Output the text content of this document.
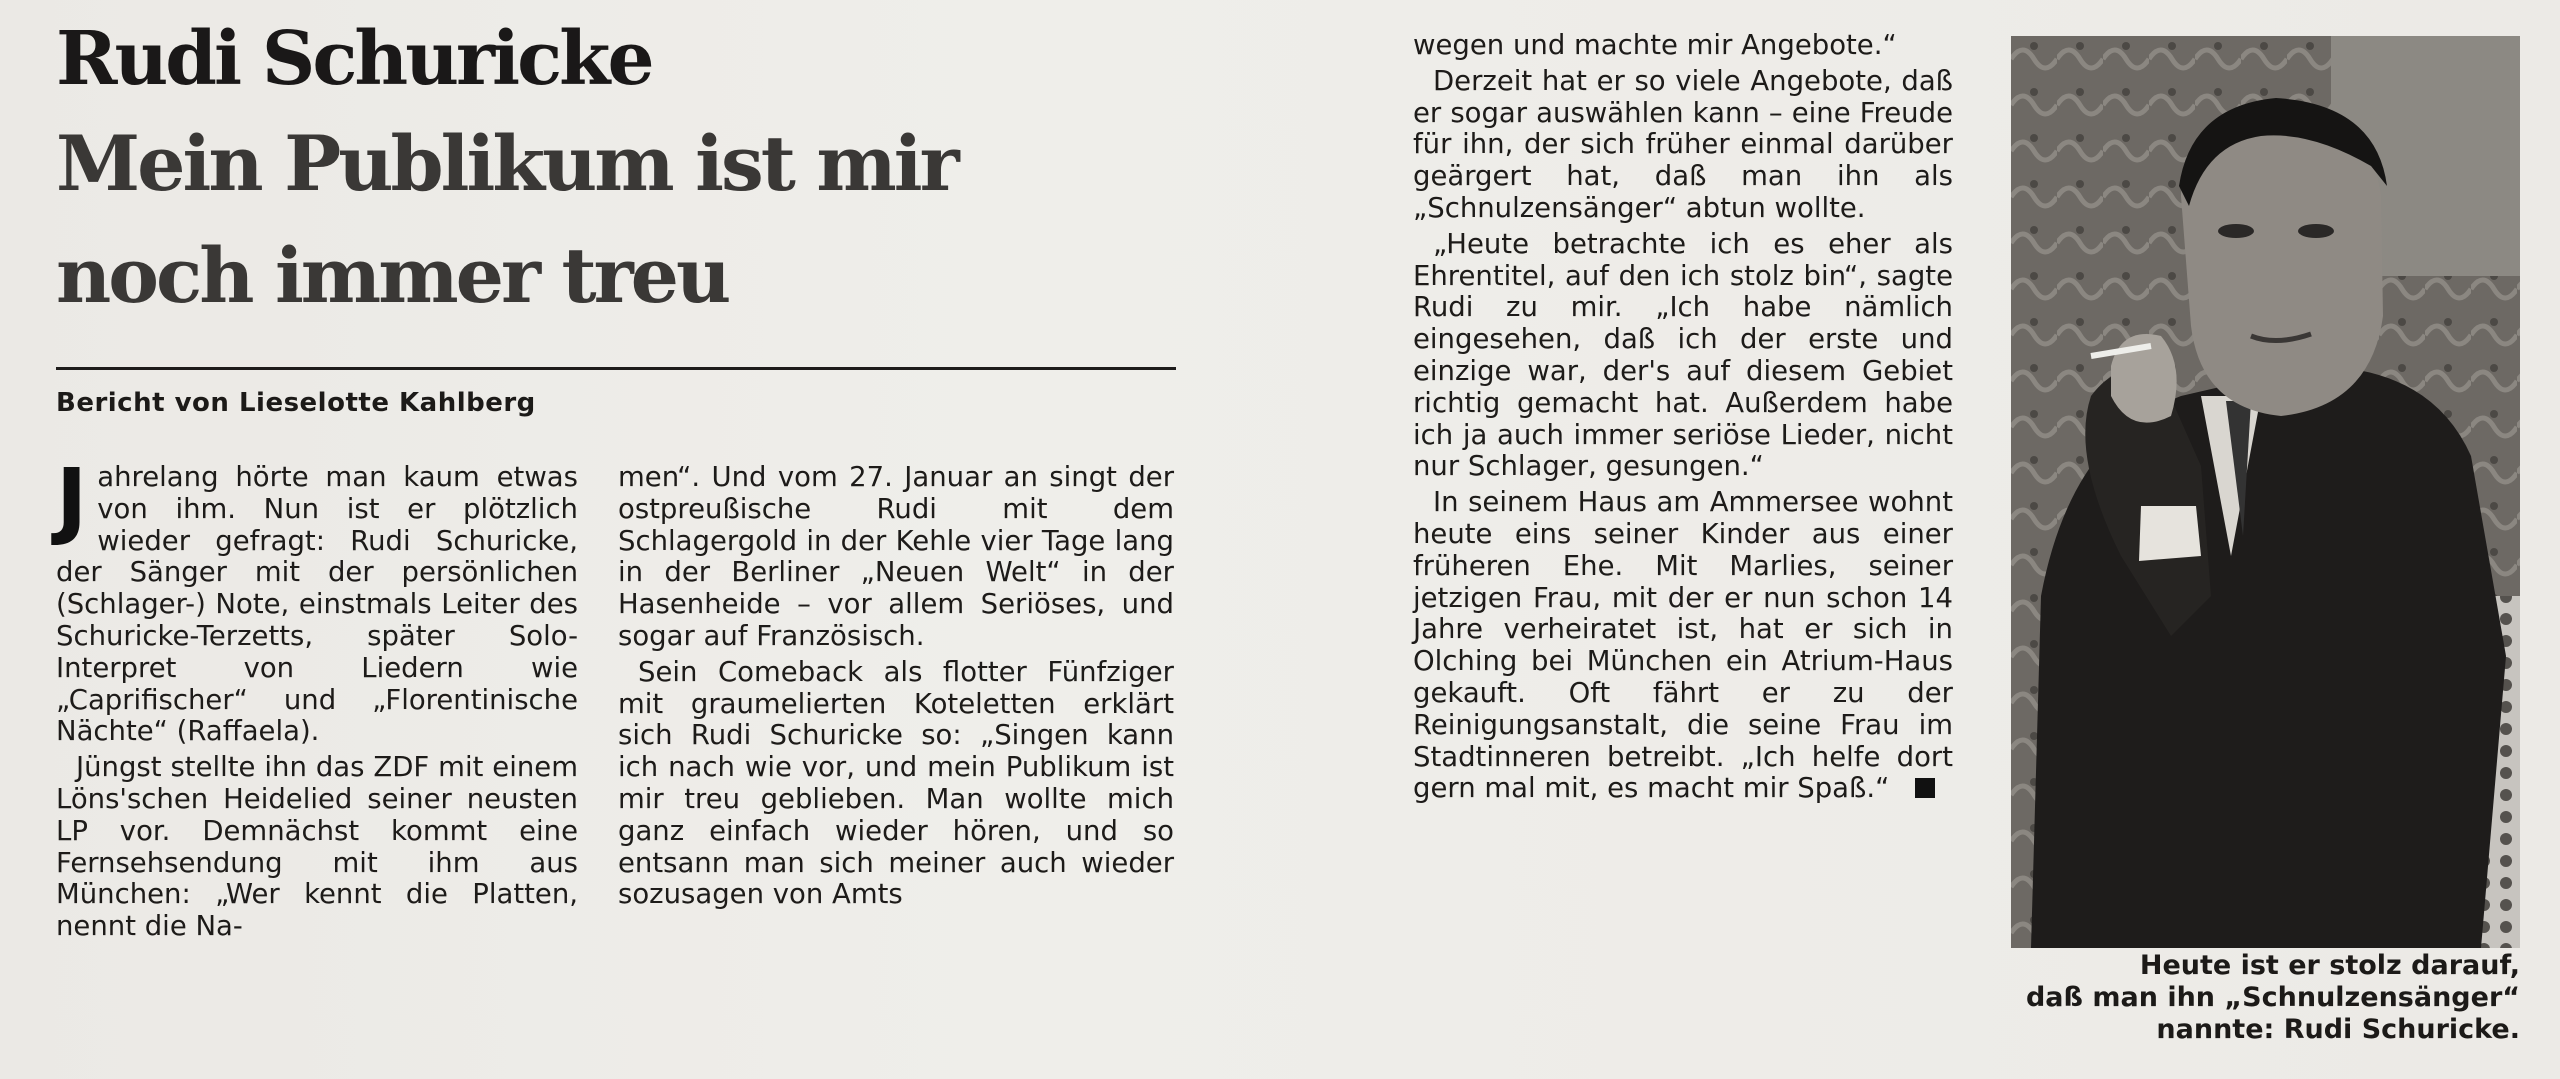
Rudi Schuricke
Mein Publikum ist mir
noch immer treu
Bericht von Lieselotte Kahlberg

Jahrelang hörte man kaum etwas von ihm. Nun ist er plötzlich wieder gefragt: Rudi Schuricke, der Sänger mit der persönlichen (Schlager-) Note, einstmals Leiter des Schuricke-Terzetts, später Solo-Interpret von Liedern wie „Caprifischer“ und „Florentinische Nächte“ (Raffaela).

Jüngst stellte ihn das ZDF mit einem Löns'schen Heidelied seiner neusten LP vor. Demnächst kommt eine Fernsehsendung mit ihm aus München: „Wer kennt die Platten, nennt die Na-

men“. Und vom 27. Januar an singt der ostpreußische Rudi mit dem Schlagergold in der Kehle vier Tage lang in der Berliner „Neuen Welt“ in der Hasenheide – vor allem Seriöses, und sogar auf Französisch.

Sein Comeback als flotter Fünfziger mit graumelierten Koteletten erklärt sich Rudi Schuricke so: „Singen kann ich nach wie vor, und mein Publikum ist mir treu geblieben. Man wollte mich ganz einfach wieder hören, und so entsann man sich meiner auch wieder sozusagen von Amts

wegen und machte mir Angebote.“

Derzeit hat er so viele Angebote, daß er sogar auswählen kann – eine Freude für ihn, der sich früher einmal darüber geärgert hat, daß man ihn als „Schnulzensänger“ abtun wollte.

„Heute betrachte ich es eher als Ehrentitel, auf den ich stolz bin“, sagte Rudi zu mir. „Ich habe nämlich eingesehen, daß ich der erste und einzige war, der's auf diesem Gebiet richtig gemacht hat. Außerdem habe ich ja auch immer seriöse Lieder, nicht nur Schlager, gesungen.“

In seinem Haus am Ammersee wohnt heute eins seiner Kinder aus einer früheren Ehe. Mit Marlies, seiner jetzigen Frau, mit der er nun schon 14 Jahre verheiratet ist, hat er sich in Olching bei München ein Atrium-Haus gekauft. Oft fährt er zu der Reinigungsanstalt, die seine Frau im Stadtinneren betreibt. „Ich helfe dort gern mal mit, es macht mir Spaß.“

Heute ist er stolz darauf,
daß man ihn „Schnulzensänger“
nannte: Rudi Schuricke.
